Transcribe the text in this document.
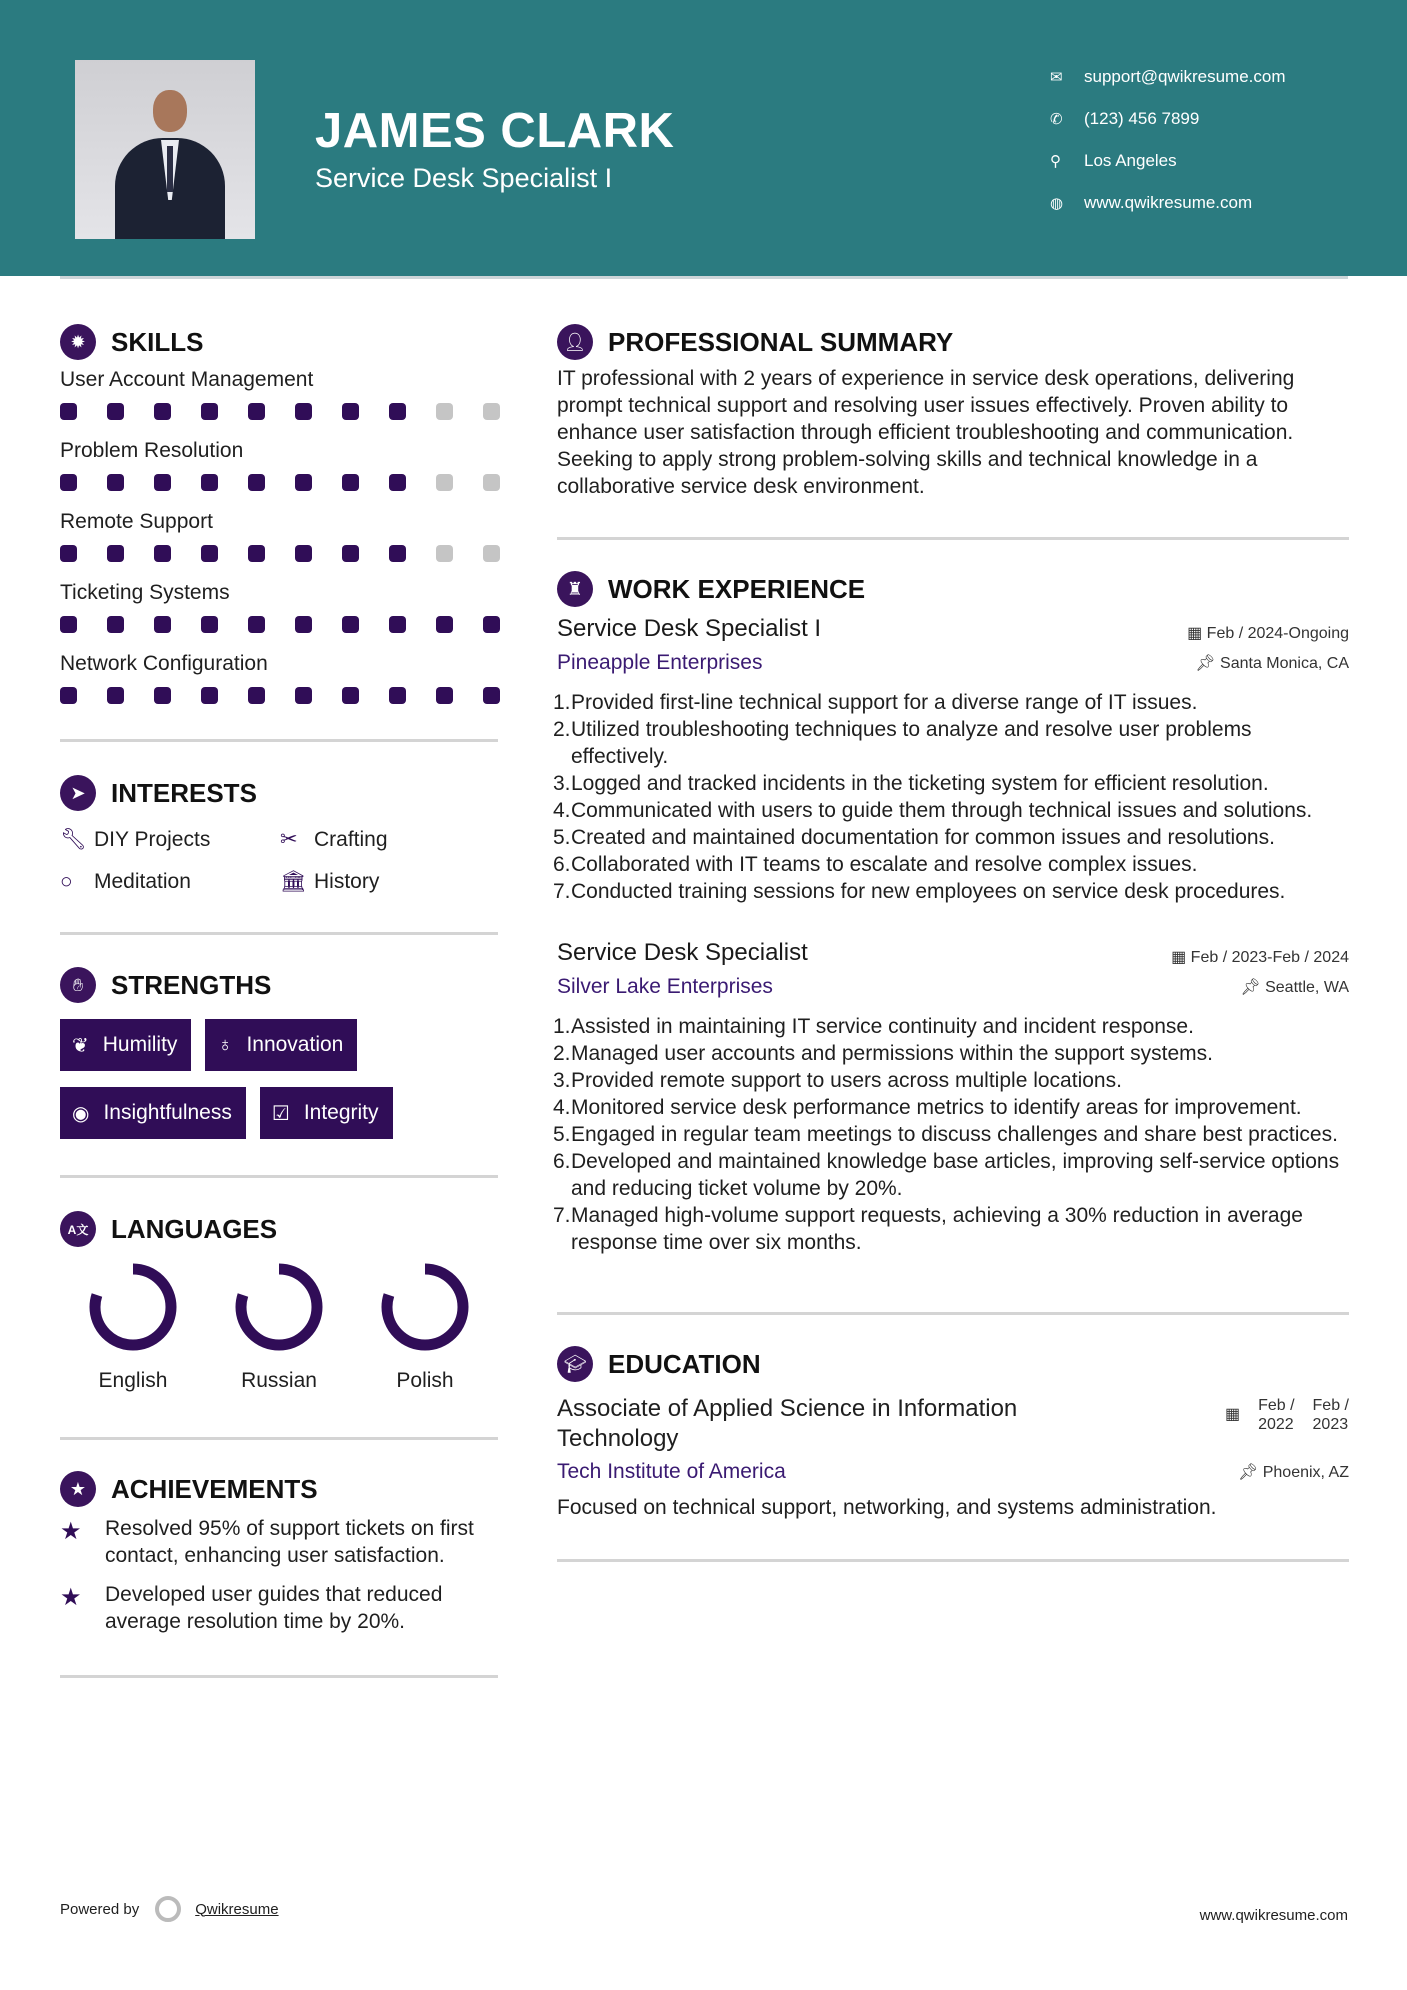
JAMES CLARK
Service Desk Specialist I
✉	support@qwikresume.com
✆	(123) 456 7899
⚲	Los Angeles
◍	www.qwikresume.com
✹ SKILLS
User Account Management
Problem Resolution
Remote Support
Ticketing Systems
Network Configuration
➤ INTERESTS
🔧︎ DIY Projects	✂ Crafting
○	Meditation	🏛︎ History
✋︎	STRENGTHS
❦ Humility ♁ Innovation
◉ Insightfulness ☑ Integrity
A文 LANGUAGES
English	Russian	Polish
★ ACHIEVEMENTS
★	Resolved 95% of support tickets on first contact, enhancing user satisfaction.
★	Developed user guides that reduced average resolution time by 20%.
👤︎ PROFESSIONAL SUMMARY
IT professional with 2 years of experience in service desk operations, delivering prompt technical support and resolving user issues effectively. Proven ability to enhance user satisfaction through efficient troubleshooting and communication. Seeking to apply strong problem-solving skills and technical knowledge in a collaborative service desk environment.
♜ WORK EXPERIENCE
Service Desk Specialist I	▦ Feb / 2024-Ongoing
Pineapple Enterprises	📌︎ Santa Monica, CA
1. Provided first-line technical support for a diverse range of IT issues.
2. Utilized troubleshooting techniques to analyze and resolve user problems effectively.
3. Logged and tracked incidents in the ticketing system for efficient resolution.
4. Communicated with users to guide them through technical issues and solutions.
5. Created and maintained documentation for common issues and resolutions.
6. Collaborated with IT teams to escalate and resolve complex issues.
7. Conducted training sessions for new employees on service desk procedures.
Service Desk Specialist	▦ Feb / 2023-Feb / 2024
Silver Lake Enterprises	📌︎ Seattle, WA
1. Assisted in maintaining IT service continuity and incident response.
2. Managed user accounts and permissions within the support systems.
3. Provided remote support to users across multiple locations.
4. Monitored service desk performance metrics to identify areas for improvement.
5. Engaged in regular team meetings to discuss challenges and share best practices.
6. Developed and maintained knowledge base articles, improving self-service options and reducing ticket volume by 20%.
7. Managed high-volume support requests, achieving a 30% reduction in average response time over six months.
🎓︎ EDUCATION
Associate of Applied Science in Information Technology
▦
Feb /
2022
Feb /
2023
Tech Institute of America	📌︎ Phoenix, AZ
Focused on technical support, networking, and systems administration.
Powered by	Qwikresume	www.qwikresume.com
